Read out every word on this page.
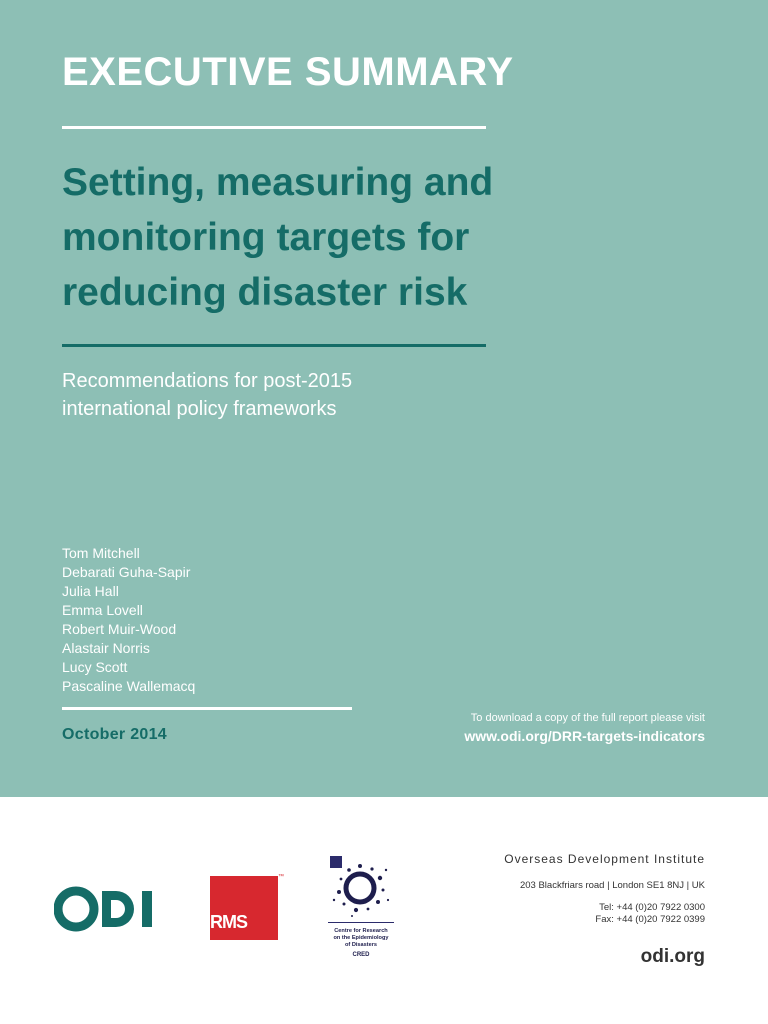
EXECUTIVE SUMMARY
Setting, measuring and
monitoring targets for
reducing disaster risk
Recommendations for post-2015
international policy frameworks
Tom Mitchell
Debarati Guha-Sapir
Julia Hall
Emma Lovell
Robert Muir-Wood
Alastair Norris
Lucy Scott
Pascaline Wallemacq
October 2014
To download a copy of the full report please visit
www.odi.org/DRR-targets-indicators
RMS
™
Centre for Research
on the Epidemiology
of Disasters
CRED
Overseas Development Institute
203 Blackfriars road | London SE1 8NJ | UK
Tel: +44 (0)20 7922 0300
Fax: +44 (0)20 7922 0399
odi.org
